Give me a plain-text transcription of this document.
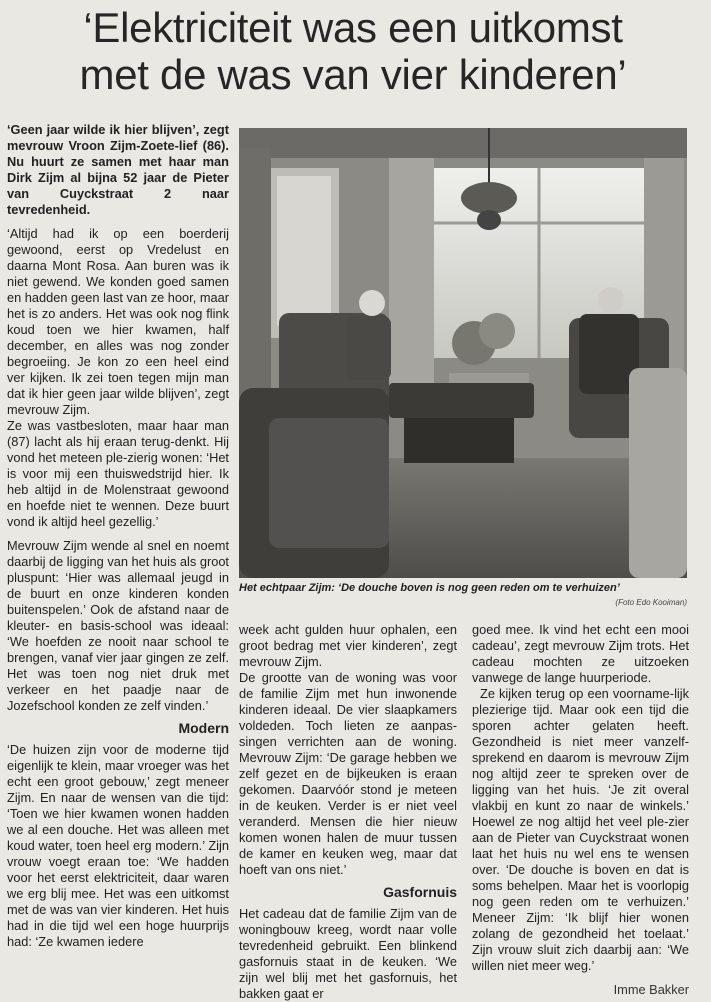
‘Elektriciteit was een uitkomst
met de was van vier kinderen’

‘Geen jaar wilde ik hier blijven’, zegt mevrouw Vroon Zijm-Zoete-lief (86). Nu huurt ze samen met haar man Dirk Zijm al bijna 52 jaar de Pieter van Cuyckstraat 2 naar tevredenheid.

‘Altijd had ik op een boerderij gewoond, eerst op Vredelust en daarna Mont Rosa. Aan buren was ik niet gewend. We konden goed samen en hadden geen last van ze hoor, maar het is zo anders. Het was ook nog flink koud toen we hier kwamen, half december, en alles was nog zonder begroeiing. Je kon zo een heel eind ver kijken. Ik zei toen tegen mijn man dat ik hier geen jaar wilde blijven’, zegt mevrouw Zijm.

Ze was vastbesloten, maar haar man (87) lacht als hij eraan terug-denkt. Hij vond het meteen ple-zierig wonen: ‘Het is voor mij een thuiswedstrijd hier. Ik heb altijd in de Molenstraat gewoond en hoefde niet te wennen. Deze buurt vond ik altijd heel gezellig.’

Mevrouw Zijm wende al snel en noemt daarbij de ligging van het huis als groot pluspunt: ‘Hier was allemaal jeugd in de buurt en onze kinderen konden buitenspelen.’ Ook de afstand naar de kleuter- en basis-school was ideaal: ‘We hoefden ze nooit naar school te brengen, vanaf vier jaar gingen ze zelf. Het was toen nog niet druk met verkeer en het paadje naar de Jozefschool konden ze zelf vinden.’

Modern

‘De huizen zijn voor de moderne tijd eigenlijk te klein, maar vroeger was het echt een groot gebouw,’ zegt meneer Zijm. En naar de wensen van die tijd: ‘Toen we hier kwamen wonen hadden we al een douche. Het was alleen met koud water, toen heel erg modern.’ Zijn vrouw voegt eraan toe: ‘We hadden voor het eerst elektriciteit, daar waren we erg blij mee. Het was een uitkomst met de was van vier kinderen. Het huis had in die tijd wel een hoge huurprijs had: ‘Ze kwamen iedere

Het echtpaar Zijm: ‘De douche boven is nog geen reden om te verhuizen’
(Foto Edo Kooiman)

week acht gulden huur ophalen, een groot bedrag met vier kinderen’, zegt mevrouw Zijm.

De grootte van de woning was voor de familie Zijm met hun inwonende kinderen ideaal. De vier slaapkamers voldeden. Toch lieten ze aanpas-singen verrichten aan de woning. Mevrouw Zijm: ‘De garage hebben we zelf gezet en de bijkeuken is eraan gekomen. Daarvóór stond je meteen in de keuken. Verder is er niet veel veranderd. Mensen die hier nieuw komen wonen halen de muur tussen de kamer en keuken weg, maar dat hoeft van ons niet.’

Gasfornuis

Het cadeau dat de familie Zijm van de woningbouw kreeg, wordt naar volle tevredenheid gebruikt. Een blinkend gasfornuis staat in de keuken. ‘We zijn wel blij met het gasfornuis, het bakken gaat er

goed mee. Ik vind het echt een mooi cadeau’, zegt mevrouw Zijm trots. Het cadeau mochten ze uitzoeken vanwege de lange huurperiode.

Ze kijken terug op een voorname-lijk plezierige tijd. Maar ook een tijd die sporen achter gelaten heeft. Gezondheid is niet meer vanzelf-sprekend en daarom is mevrouw Zijm nog altijd zeer te spreken over de ligging van het huis. ‘Je zit overal vlakbij en kunt zo naar de winkels.’ Hoewel ze nog altijd het veel ple-zier aan de Pieter van Cuyckstraat wonen laat het huis nu wel ens te wensen over. ‘De douche is boven en dat is soms behelpen. Maar het is voorlopig nog geen reden om te verhuizen.’ Meneer Zijm: ‘Ik blijf hier wonen zolang de gezondheid het toelaat.’ Zijn vrouw sluit zich daarbij aan: ‘We willen niet meer weg.’

Imme Bakker
